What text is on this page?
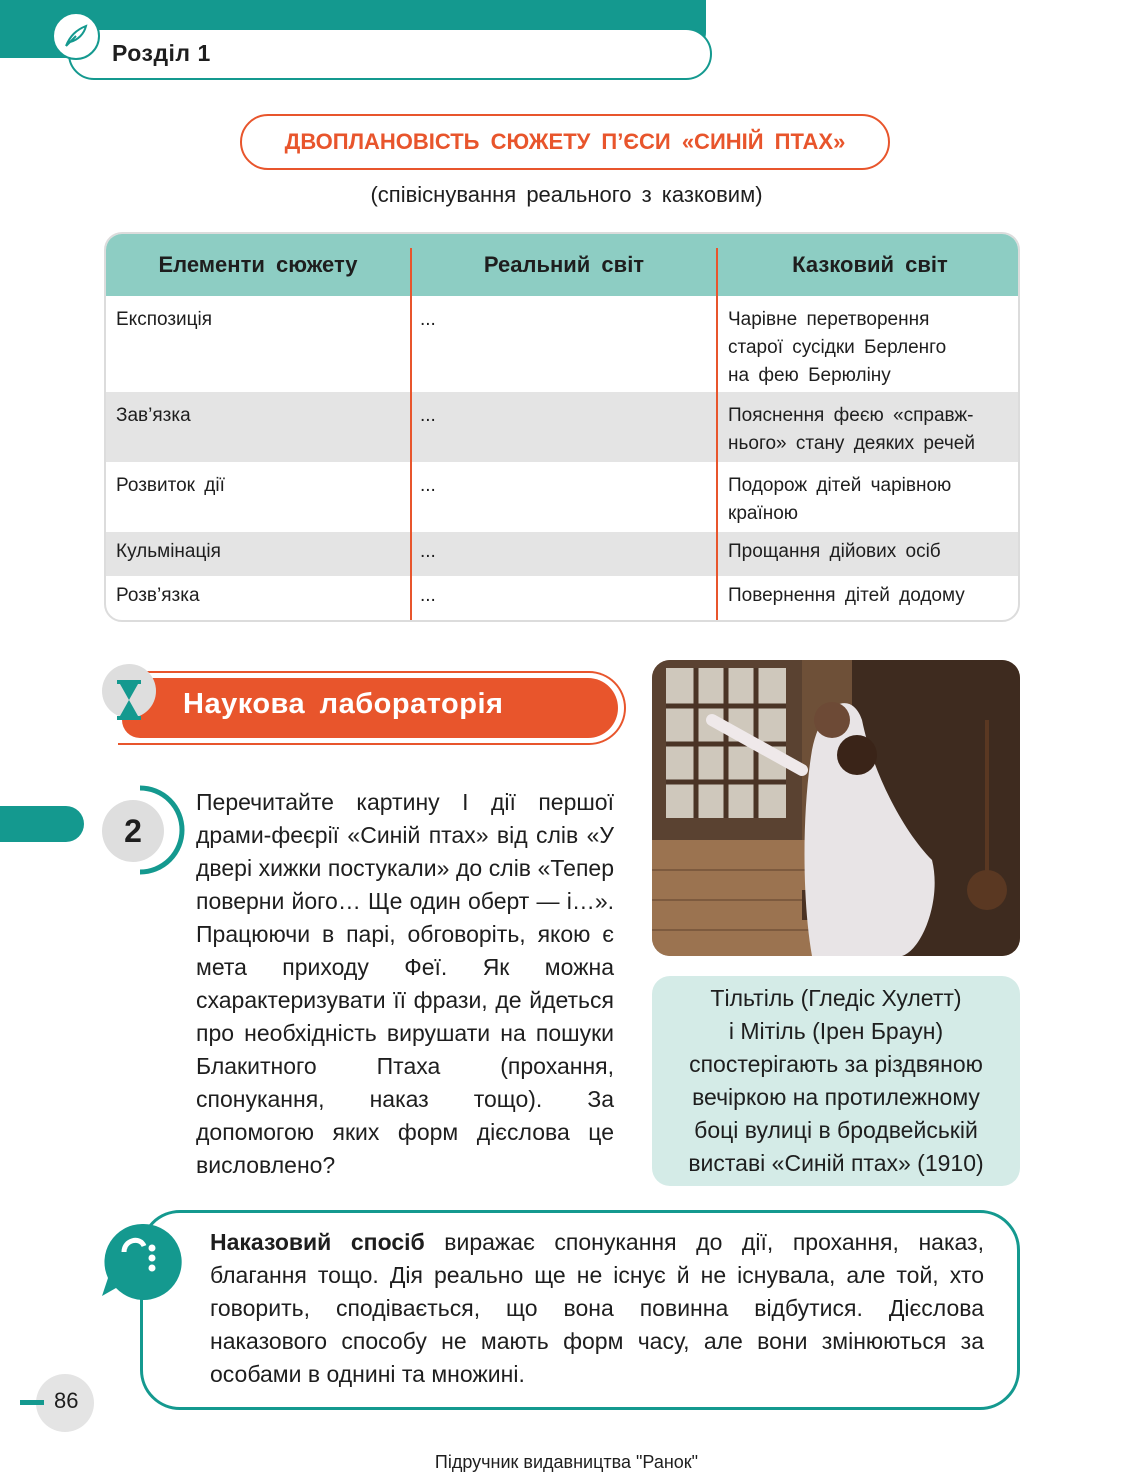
Розділ 1
ДВОПЛАНОВІСТЬ СЮЖЕТУ П’ЄСИ «СИНІЙ ПТАХ»
(співіснування реального з казковим)
Елементи сюжету	Реальний світ	Казковий світ
Експозиція	...	Чарівне перетворення
старої сусідки Берленго
на фею Берюліну
Зав’язка	...	Пояснення феєю «справж-
нього» стану деяких речей
Розвиток дії	...	Подорож дітей чарівною
країною
Кульмінація	...	Прощання дійових осіб
Розв’язка	...	Повернення дітей додому
Наукова лабораторія
2
Перечитайте картину І дії першої драми-феєрії «Синій птах» від слів «У двері хижки постукали» до слів «Тепер поверни його… Ще один оберт — і…». Працюючи в парі, обговоріть, якою є мета приходу Феї. Як можна схарактеризувати її фрази, де йдеться про необхідність вирушати на пошуки Блакитного Птаха (прохання, спонукання, наказ тощо). За допомогою яких форм дієслова це висловлено?
Тільтіль (Гледіс Хулетт)
і Мітіль (Ірен Браун)
спостерігають за різдвяною
вечіркою на протилежному
боці вулиці в бродвейській
виставі «Синій птах» (1910)
Наказовий спосіб виражає спонукання до дії, прохання, наказ, благання тощо. Дія реально ще не існує й не існувала, але той, хто говорить, сподівається, що вона повинна відбутися. Дієслова наказового способу не мають форм часу, але вони змінюються за особами в однині та множині.
86
Підручник видавництва "Ранок"
